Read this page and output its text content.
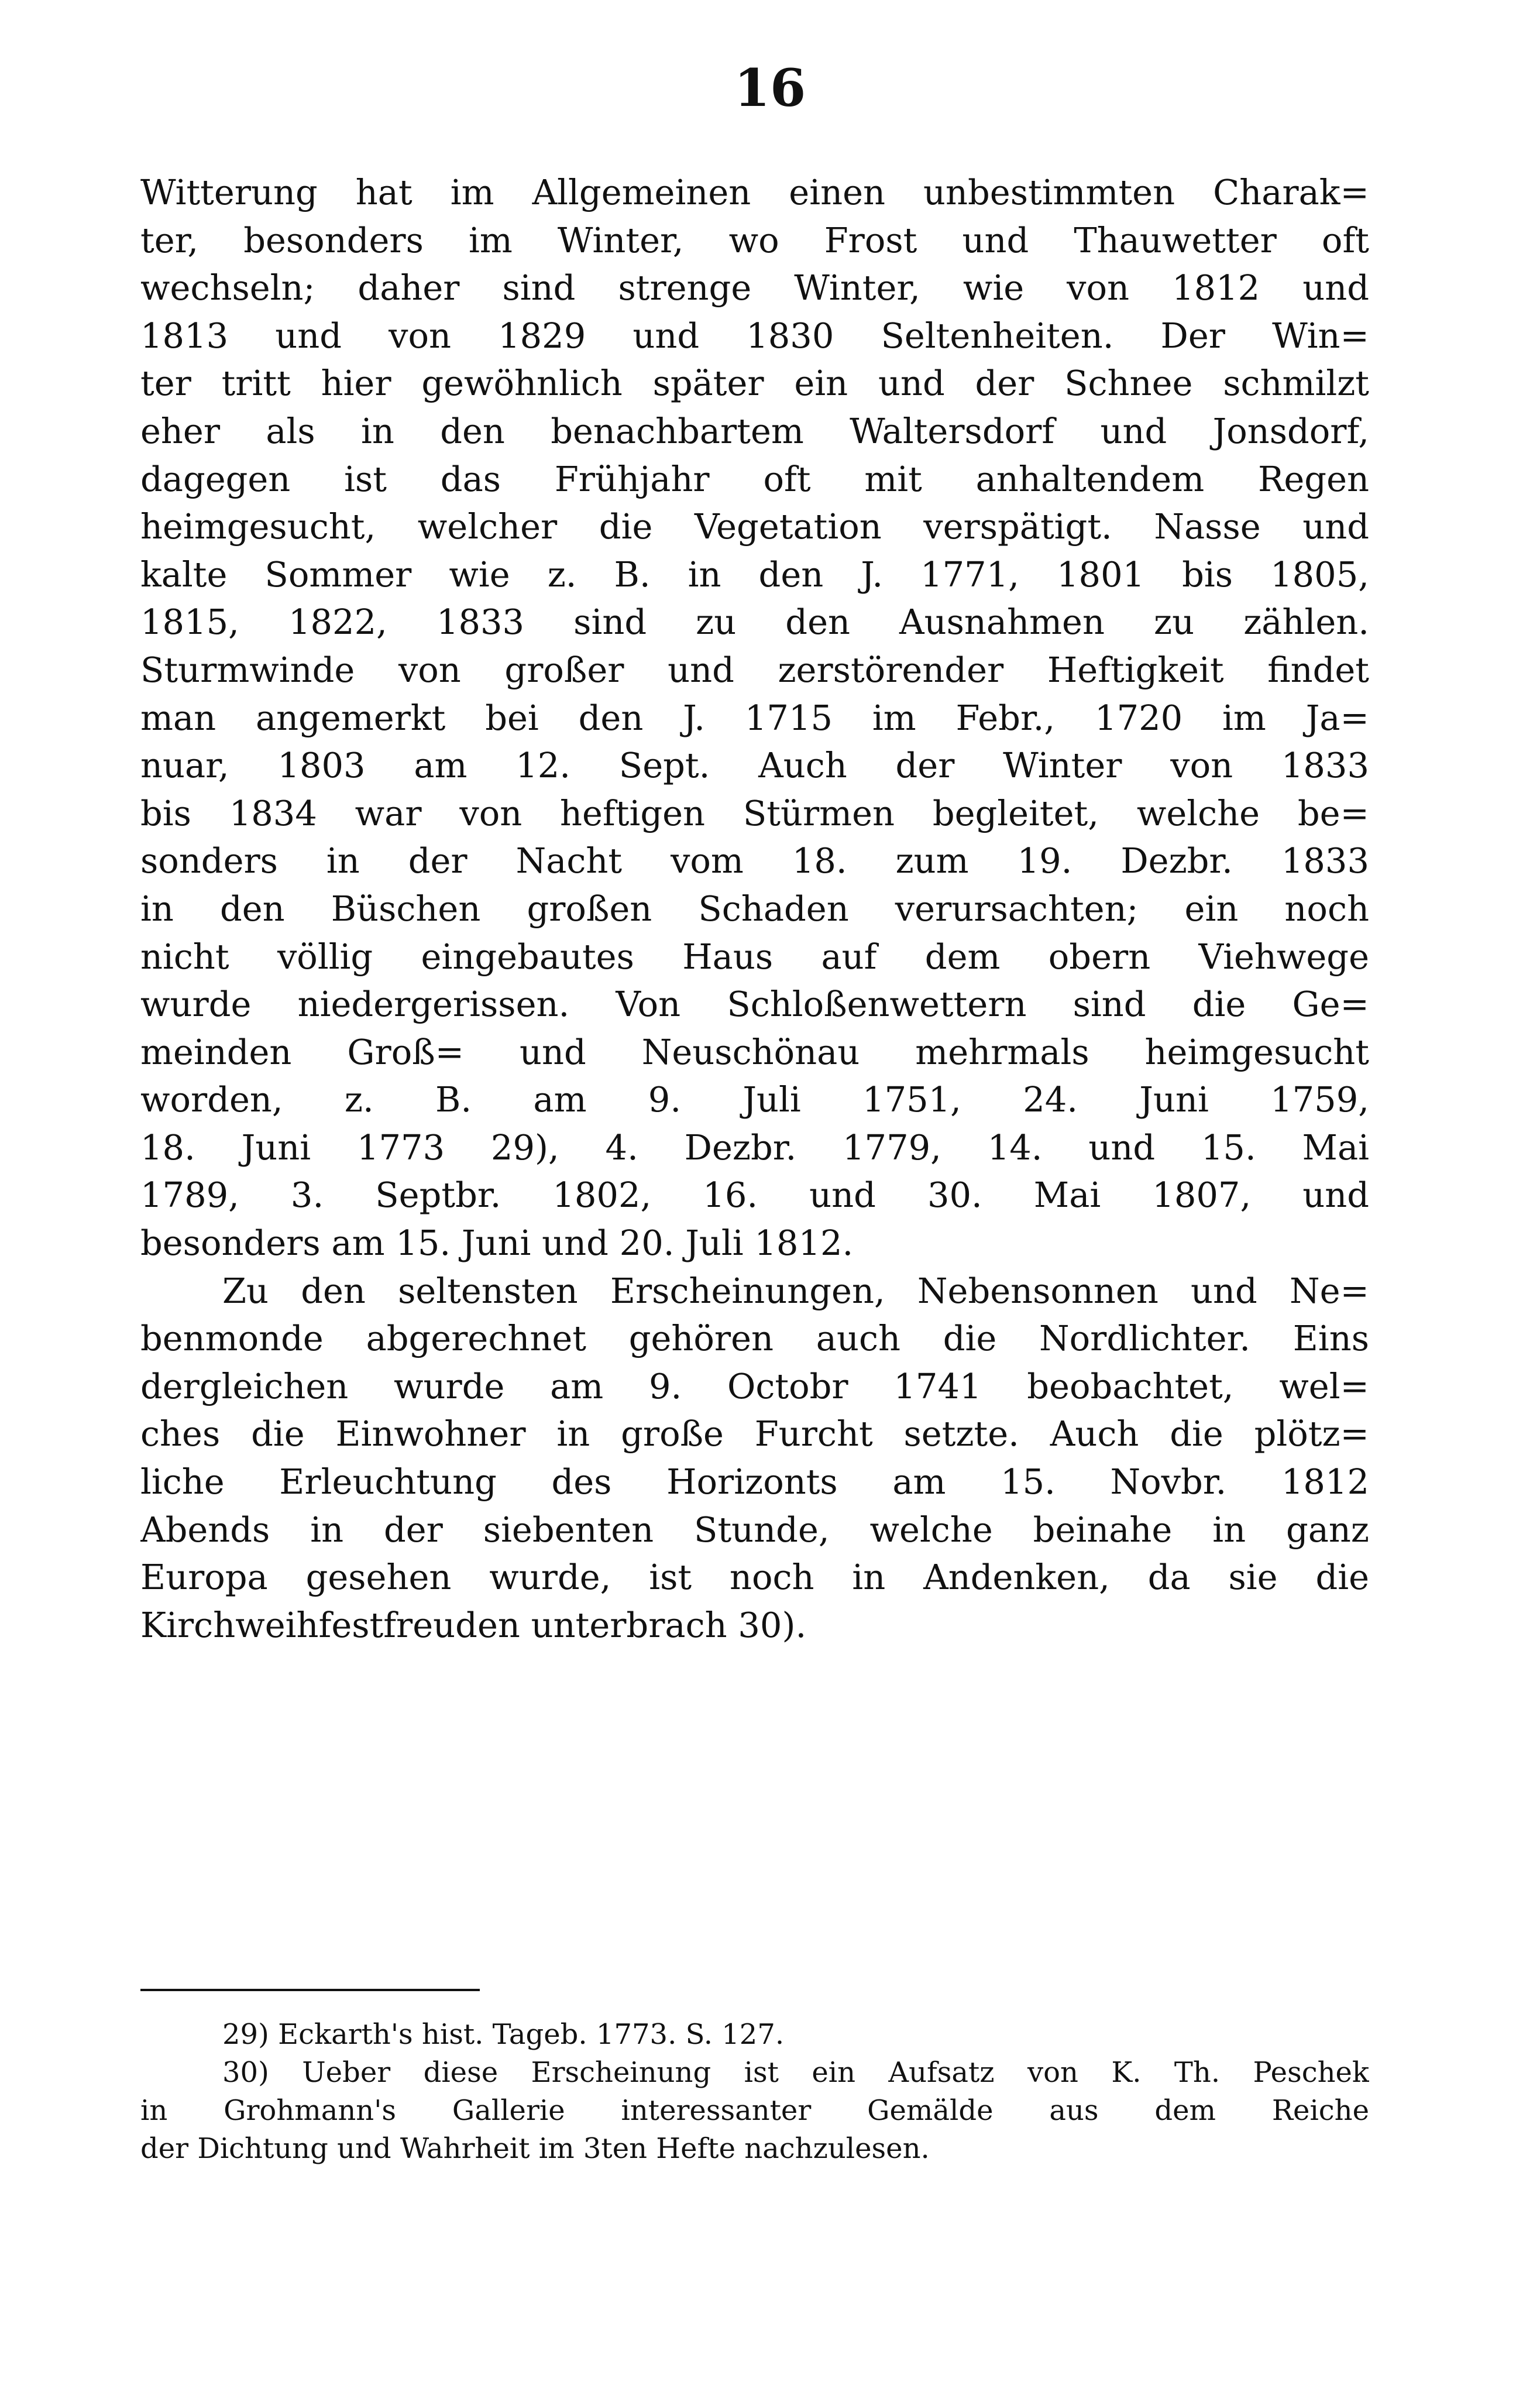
16
Witterung hat im Allgemeinen einen unbestimmten Charak=
ter, besonders im Winter, wo Frost und Thauwetter oft
wechseln; daher sind strenge Winter, wie von 1812 und
1813 und von 1829 und 1830 Seltenheiten. Der Win=
ter tritt hier gewöhnlich später ein und der Schnee schmilzt
eher als in den benachbartem Waltersdorf und Jonsdorf,
dagegen ist das Frühjahr oft mit anhaltendem Regen
heimgesucht, welcher die Vegetation verspätigt. Nasse und
kalte Sommer wie z. B. in den J. 1771, 1801 bis 1805,
1815, 1822, 1833 sind zu den Ausnahmen zu zählen.
Sturmwinde von großer und zerstörender Heftigkeit findet
man angemerkt bei den J. 1715 im Febr., 1720 im Ja=
nuar, 1803 am 12. Sept. Auch der Winter von 1833
bis 1834 war von heftigen Stürmen begleitet, welche be=
sonders in der Nacht vom 18. zum 19. Dezbr. 1833
in den Büschen großen Schaden verursachten; ein noch
nicht völlig eingebautes Haus auf dem obern Viehwege
wurde niedergerissen. Von Schloßenwettern sind die Ge=
meinden Groß= und Neuschönau mehrmals heimgesucht
worden, z. B. am 9. Juli 1751, 24. Juni 1759,
18. Juni 1773 29), 4. Dezbr. 1779, 14. und 15. Mai
1789, 3. Septbr. 1802, 16. und 30. Mai 1807, und
besonders am 15. Juni und 20. Juli 1812.
Zu den seltensten Erscheinungen, Nebensonnen und Ne=
benmonde abgerechnet gehören auch die Nordlichter. Eins
dergleichen wurde am 9. Octobr 1741 beobachtet, wel=
ches die Einwohner in große Furcht setzte. Auch die plötz=
liche Erleuchtung des Horizonts am 15. Novbr. 1812
Abends in der siebenten Stunde, welche beinahe in ganz
Europa gesehen wurde, ist noch in Andenken, da sie die
Kirchweihfestfreuden unterbrach 30).
29) Eckarth's hist. Tageb. 1773. S. 127.
30) Ueber diese Erscheinung ist ein Aufsatz von K. Th. Peschek
in Grohmann's Gallerie interessanter Gemälde aus dem Reiche
der Dichtung und Wahrheit im 3ten Hefte nachzulesen.
